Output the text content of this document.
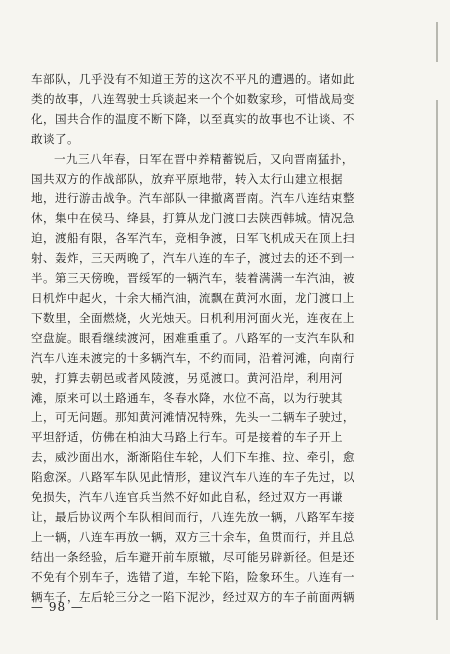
车部队，几乎没有不知道王芳的这次不平凡的遭遇的。诸如此
类的故事，八连驾驶士兵谈起来一个个如数家珍，可惜战局变
化，国共合作的温度不断下降，以至真实的故事也不让谈、不
敢谈了。

一九三八年春，日军在晋中养精蓄锐后，又向晋南猛扑，
国共双方的作战部队，放弃平原地带，转入太行山建立根据
地，进行游击战争。汽车部队一律撤离晋南。汽车八连结束整
休，集中在侯马、绛县，打算从龙门渡口去陕西韩城。情况急
迫，渡船有限，各军汽车，竞相争渡，日军飞机成天在顶上扫
射、轰炸，三天两晚了，汽车八连的车子，渡过去的还不到一
半。第三天傍晚，晋绥军的一辆汽车，装着满满一车汽油，被
日机炸中起火，十余大桶汽油，流飘在黄河水面，龙门渡口上
下数里，全面燃烧，火光烛天。日机利用河面火光，连夜在上
空盘旋。眼看继续渡河，困难重重了。八路军的一支汽车队和
汽车八连未渡完的十多辆汽车，不约而同，沿着河滩，向南行
驶，打算去朝邑或者风陵渡，另觅渡口。黄河沿岸，利用河
滩，原来可以土路通车，冬春水降，水位不高，以为行驶其
上，可无问题。那知黄河滩情况特殊，先头一二辆车子驶过，
平坦舒适，仿佛在柏油大马路上行车。可是接着的车子开上
去，威沙面出水，渐渐陷住车轮，人们下车推、拉、牵引，愈
陷愈深。八路军车队见此情形，建议汽车八连的车子先过，以
免损失，汽车八连官兵当然不好如此自私，经过双方一再谦
让，最后协议两个车队相间而行，八连先放一辆，八路军车接
上一辆，八连车再放一辆，双方三十余车，鱼贯而行，并且总
结出一条经验，后车避开前车原辙，尽可能另辟新径。但是还
不免有个别车子，选错了道，车轮下陷，险象环生。八连有一
辆车子，左后轮三分之一陷下泥沙，经过双方的车子前面两辆

— 98 —
